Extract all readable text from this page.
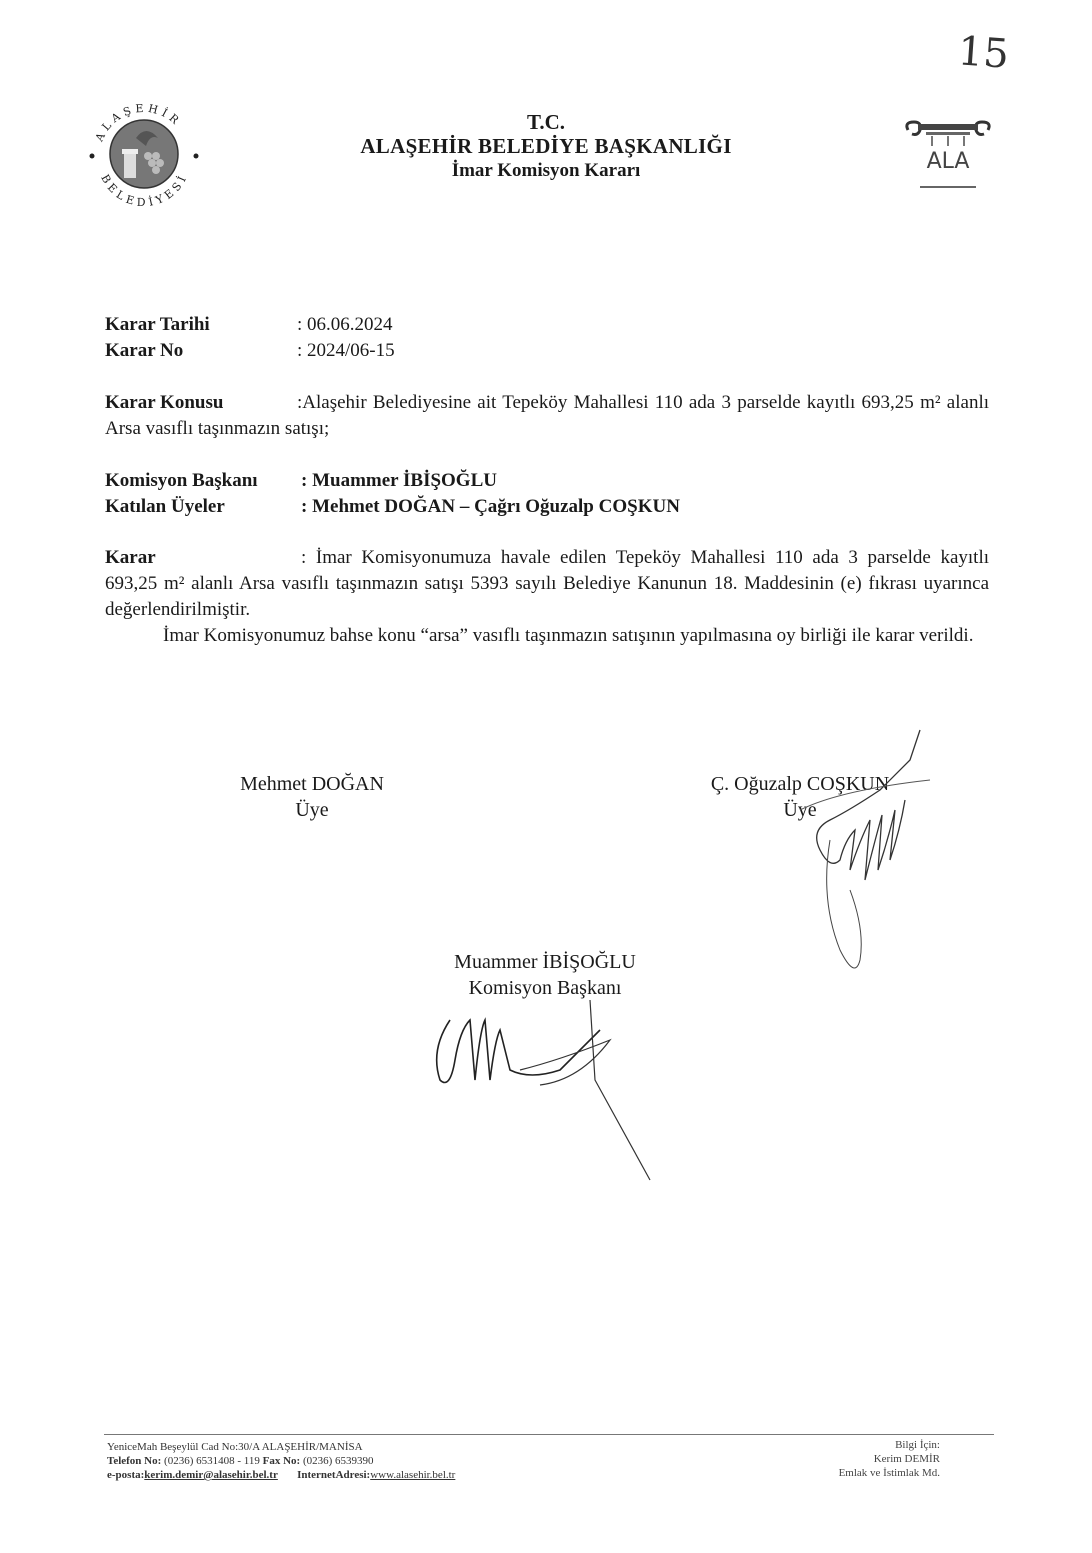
15
ALAŞEHİR
BELEDİYESİ
ALA
T.C.
ALAŞEHİR BELEDİYE BAŞKANLIĞI
İmar Komisyon Kararı
Karar Tarihi	: 06.06.2024
Karar No	: 2024/06-15
Karar Konusu	:Alaşehir Belediyesine ait Tepeköy Mahallesi 110 ada 3 parselde kayıtlı 693,25 m² alanlı Arsa vasıflı taşınmazın satışı;
Komisyon Başkanı : Muammer İBİŞOĞLU
Katılan Üyeler	: Mehmet DOĞAN – Çağrı Oğuzalp COŞKUN

Karar	: İmar Komisyonumuza havale edilen Tepeköy Mahallesi 110 ada 3 parselde kayıtlı 693,25 m² alanlı Arsa vasıflı taşınmazın satışı 5393 sayılı Belediye Kanunun 18. Maddesinin (e) fıkrası uyarınca değerlendirilmiştir.

İmar Komisyonumuz bahse konu “arsa” vasıflı taşınmazın satışının yapılmasına oy birliği ile karar verildi.

Mehmet DOĞAN
Üye
Ç. Oğuzalp COŞKUN
Üye
Muammer İBİŞOĞLU
Komisyon Başkanı
YeniceMah Beşeylül Cad No:30/A ALAŞEHİR/MANİSA
Telefon No: (0236) 6531408 - 119 Fax No: (0236) 6539390
e-posta:kerim.demir@alasehir.bel.tr InternetAdresi:www.alasehir.bel.tr
Bilgi İçin:
Kerim DEMİR
Emlak ve İstimlak Md.
